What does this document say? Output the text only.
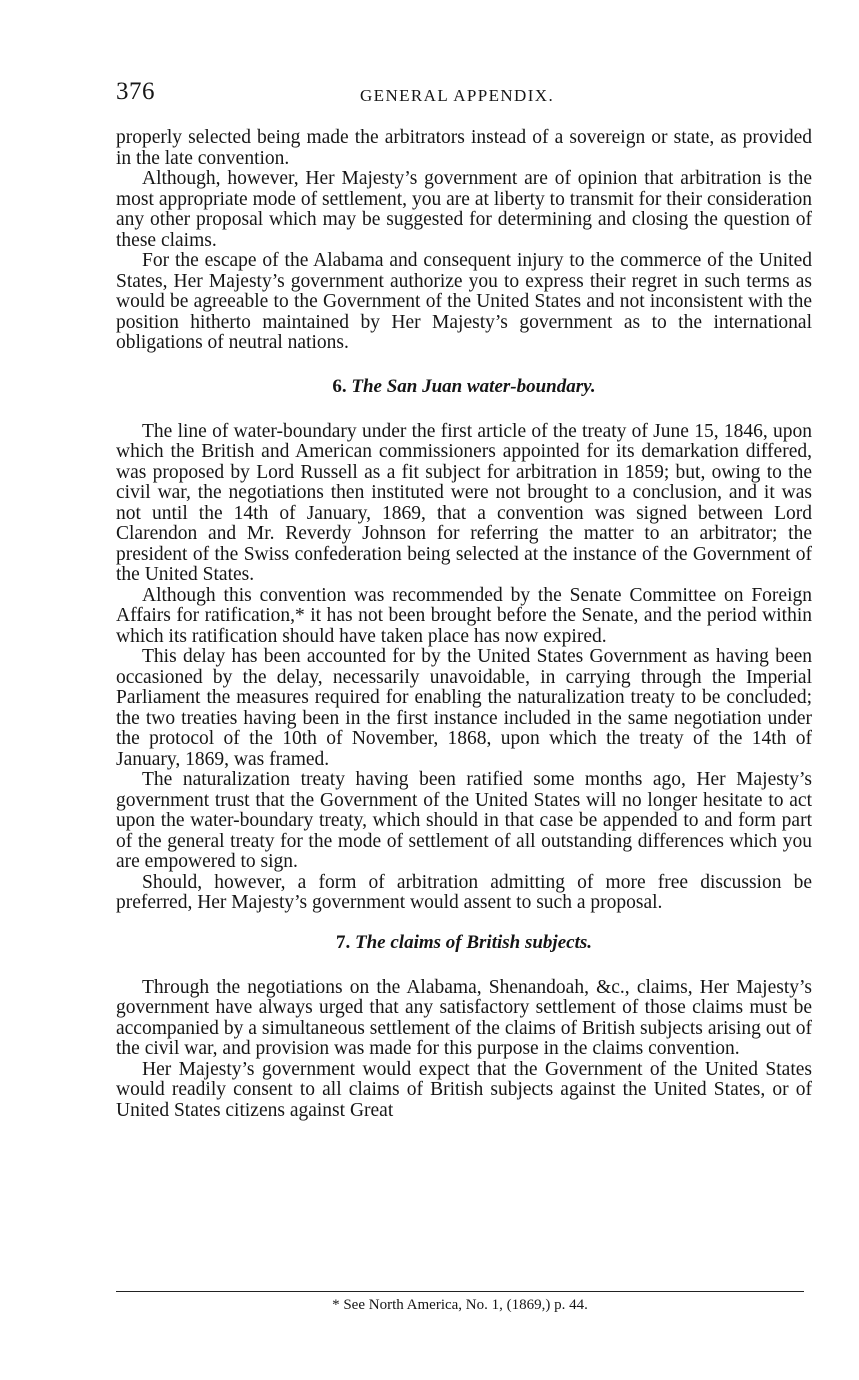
376	GENERAL APPENDIX.

properly selected being made the arbitrators instead of a sovereign or state, as provided in the late convention.

Although, however, Her Majesty’s government are of opinion that arbitration is the most appropriate mode of settlement, you are at liberty to transmit for their consideration any other proposal which may be suggested for determining and closing the question of these claims.

For the escape of the Alabama and consequent injury to the commerce of the United States, Her Majesty’s government authorize you to express their regret in such terms as would be agreeable to the Government of the United States and not inconsistent with the position hitherto maintained by Her Majesty’s government as to the international obligations of neutral nations.

6. The San Juan water-boundary.

The line of water-boundary under the first article of the treaty of June 15, 1846, upon which the British and American commissioners appointed for its demarkation differed, was proposed by Lord Russell as a fit subject for arbitration in 1859; but, owing to the civil war, the negotiations then instituted were not brought to a conclusion, and it was not until the 14th of January, 1869, that a convention was signed between Lord Clarendon and Mr. Reverdy Johnson for referring the matter to an arbitrator; the president of the Swiss confederation being selected at the instance of the Government of the United States.

Although this convention was recommended by the Senate Committee on Foreign Affairs for ratification,* it has not been brought before the Senate, and the period within which its ratification should have taken place has now expired.

This delay has been accounted for by the United States Government as having been occasioned by the delay, necessarily unavoidable, in carrying through the Imperial Parliament the measures required for enabling the naturalization treaty to be concluded; the two treaties having been in the first instance included in the same negotiation under the protocol of the 10th of November, 1868, upon which the treaty of the 14th of January, 1869, was framed.

The naturalization treaty having been ratified some months ago, Her Majesty’s government trust that the Government of the United States will no longer hesitate to act upon the water-boundary treaty, which should in that case be appended to and form part of the general treaty for the mode of settlement of all outstanding differences which you are empowered to sign.

Should, however, a form of arbitration admitting of more free discussion be preferred, Her Majesty’s government would assent to such a proposal.

7. The claims of British subjects.

Through the negotiations on the Alabama, Shenandoah, &c., claims, Her Majesty’s government have always urged that any satisfactory settlement of those claims must be accompanied by a simultaneous settlement of the claims of British subjects arising out of the civil war, and provision was made for this purpose in the claims convention.

Her Majesty’s government would expect that the Government of the United States would readily consent to all claims of British subjects against the United States, or of United States citizens against Great

* See North America, No. 1, (1869,) p. 44.
